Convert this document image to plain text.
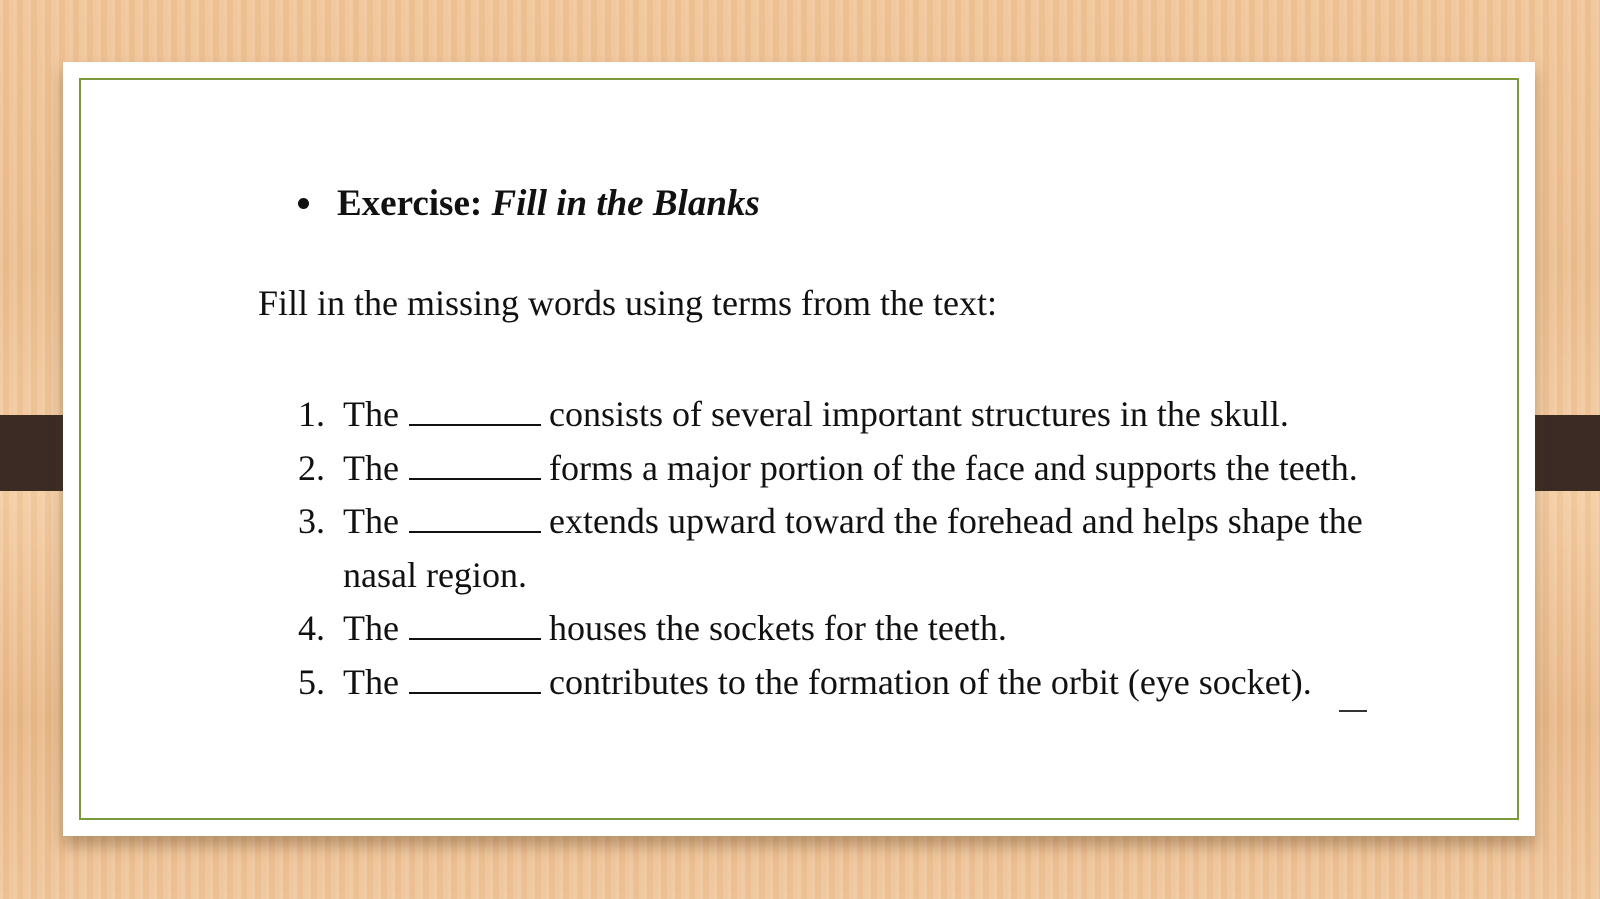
Exercise: Fill in the Blanks
Fill in the missing words using terms from the text:
1. The	consists of several important structures in the skull.
2. The	forms a major portion of the face and supports the teeth.
3. The	extends upward toward the forehead and helps shape the nasal region.
4. The	houses the sockets for the teeth.
5. The	contributes to the formation of the orbit (eye socket).
